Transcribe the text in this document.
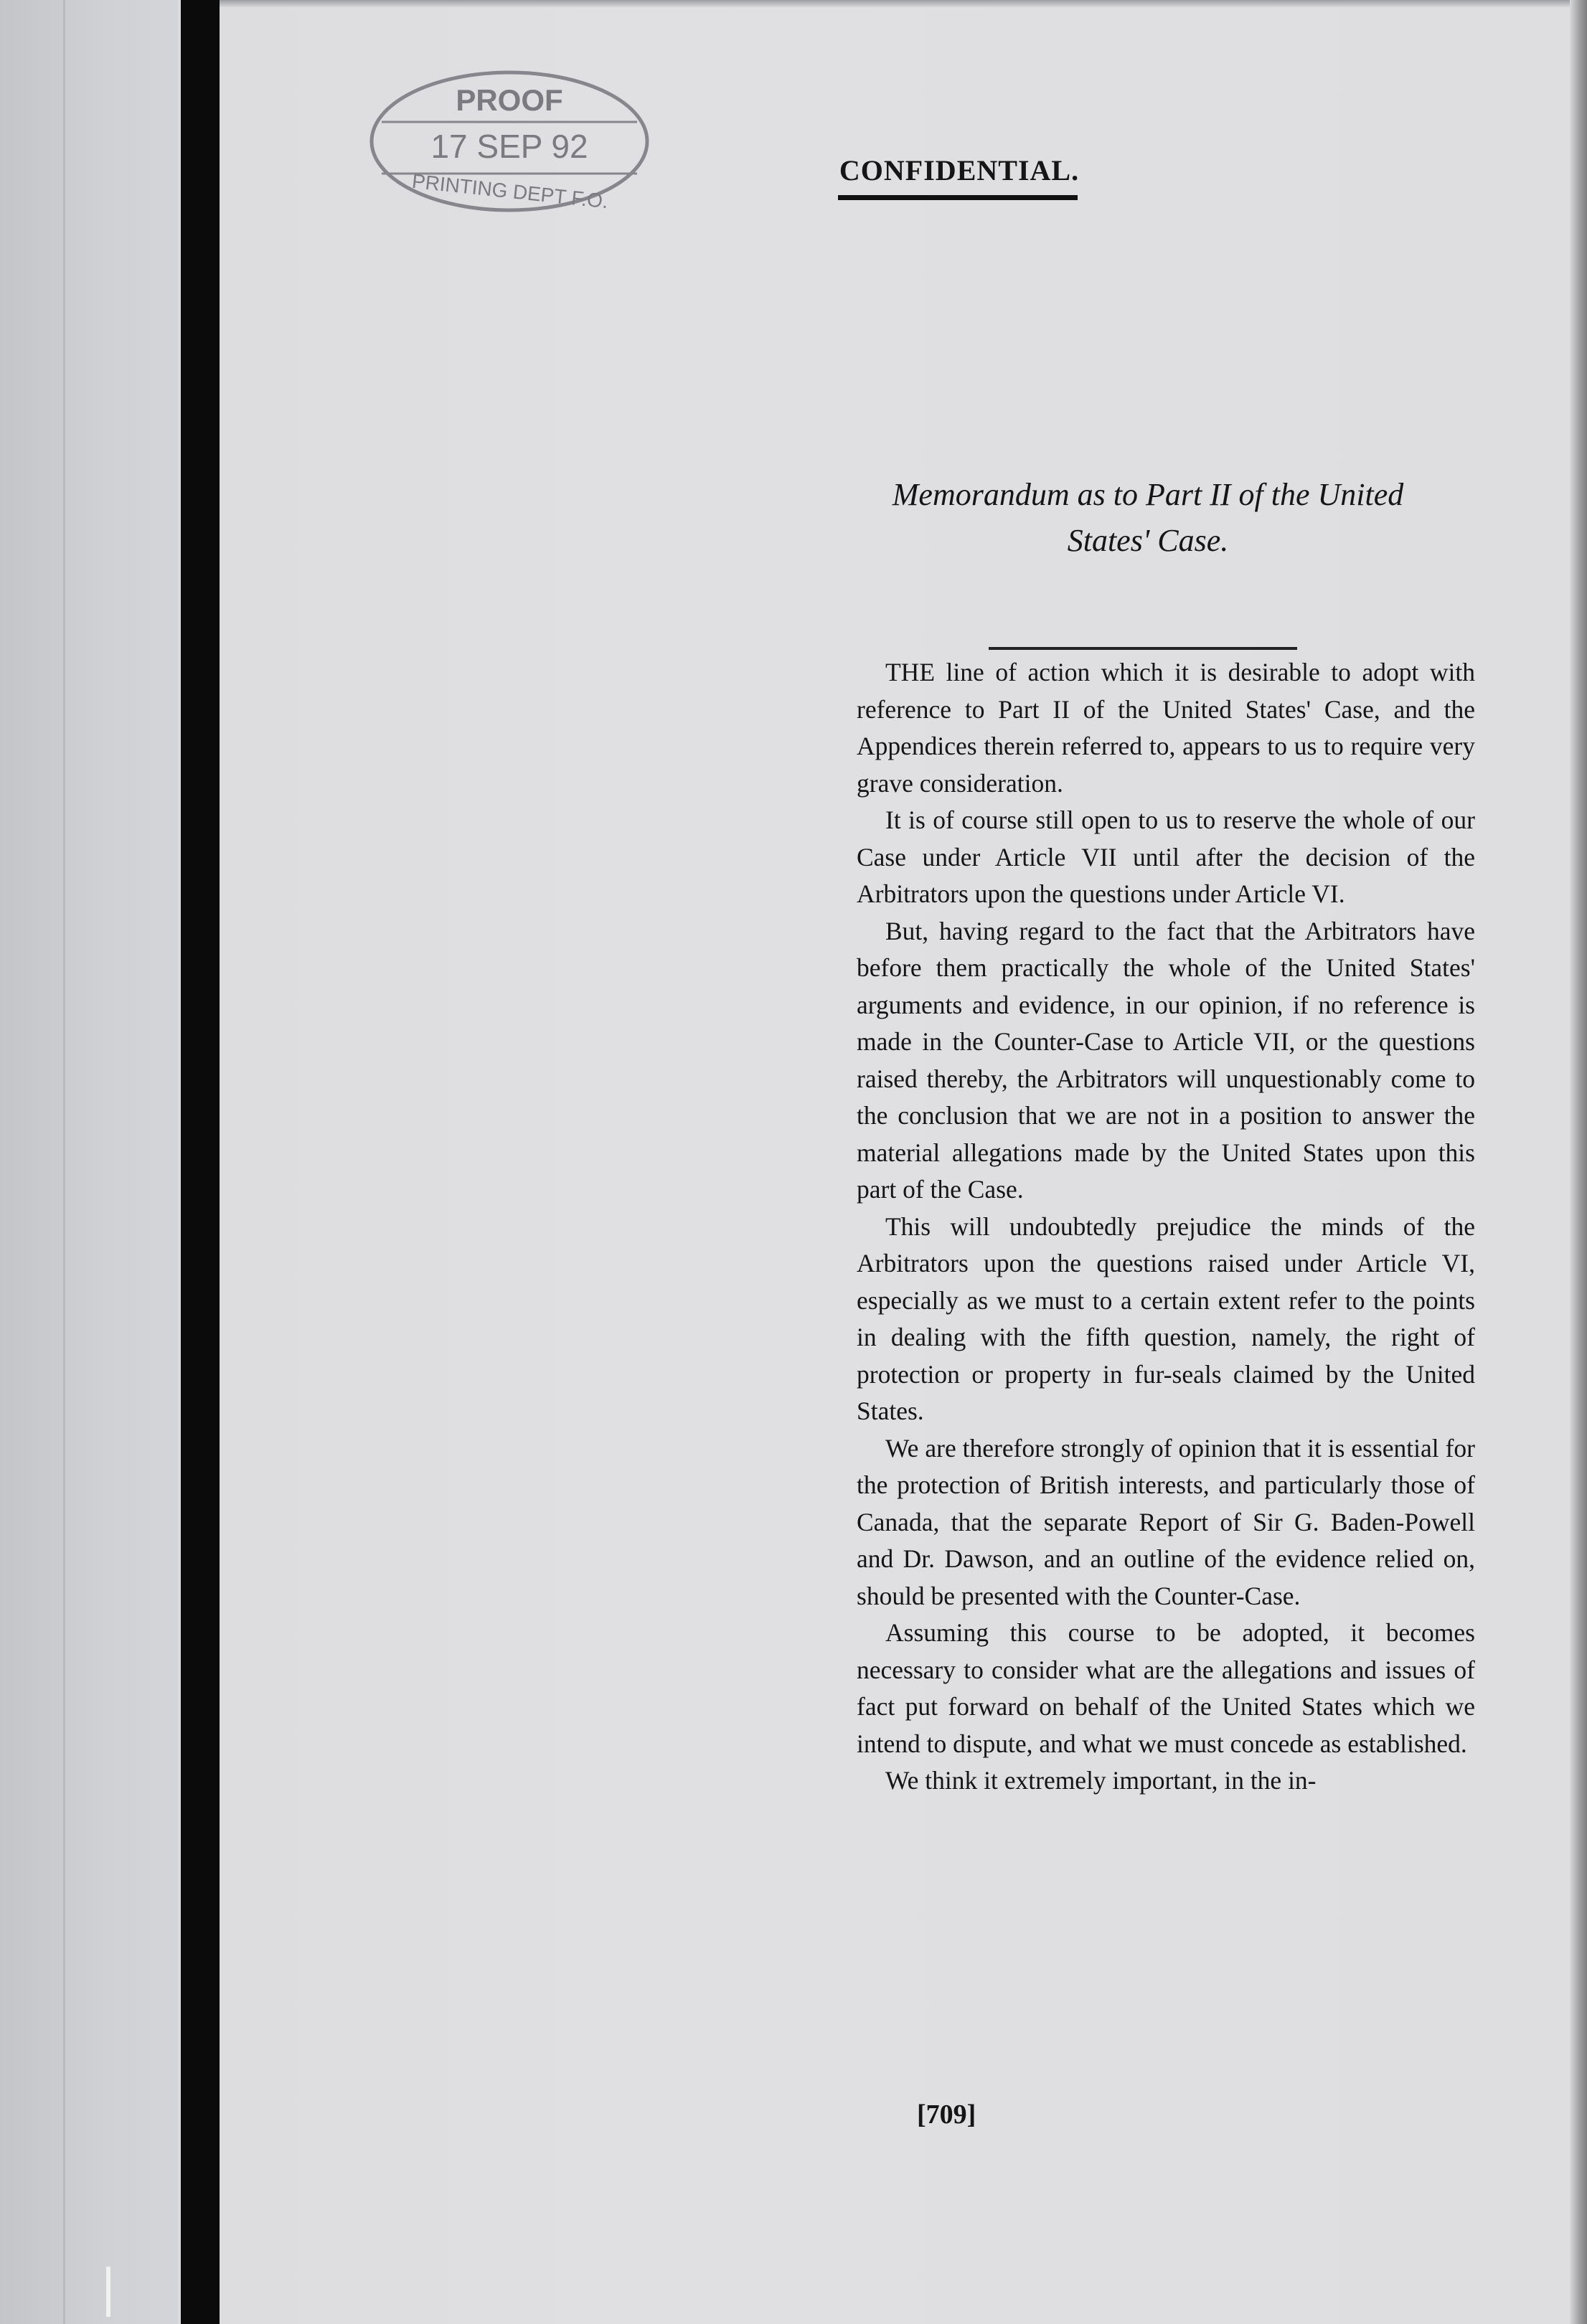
PROOF
17 SEP 92
PRINTING DEPT F.O.	CONFIDENTIAL.
Memorandum as to Part II of the United
States' Case.

THE line of action which it is desirable to adopt with reference to Part II of the United States' Case, and the Appendices therein referred to, appears to us to require very grave consideration.

It is of course still open to us to reserve the whole of our Case under Article VII until after the decision of the Arbitrators upon the questions under Article VI.

But, having regard to the fact that the Arbitrators have before them practically the whole of the United States' arguments and evidence, in our opinion, if no reference is made in the Counter-Case to Article VII, or the questions raised thereby, the Arbitrators will unquestionably come to the conclusion that we are not in a position to answer the material allegations made by the United States upon this part of the Case.

This will undoubtedly prejudice the minds of the Arbitrators upon the questions raised under Article VI, especially as we must to a certain extent refer to the points in dealing with the fifth question, namely, the right of protection or property in fur-seals claimed by the United States.

We are therefore strongly of opinion that it is essential for the protection of British interests, and particularly those of Canada, that the separate Report of Sir G. Baden-Powell and Dr. Dawson, and an outline of the evidence relied on, should be presented with the Counter-Case.

Assuming this course to be adopted, it becomes necessary to consider what are the allegations and issues of fact put forward on behalf of the United States which we intend to dispute, and what we must concede as established.

We think it extremely important, in the in-

[709]
